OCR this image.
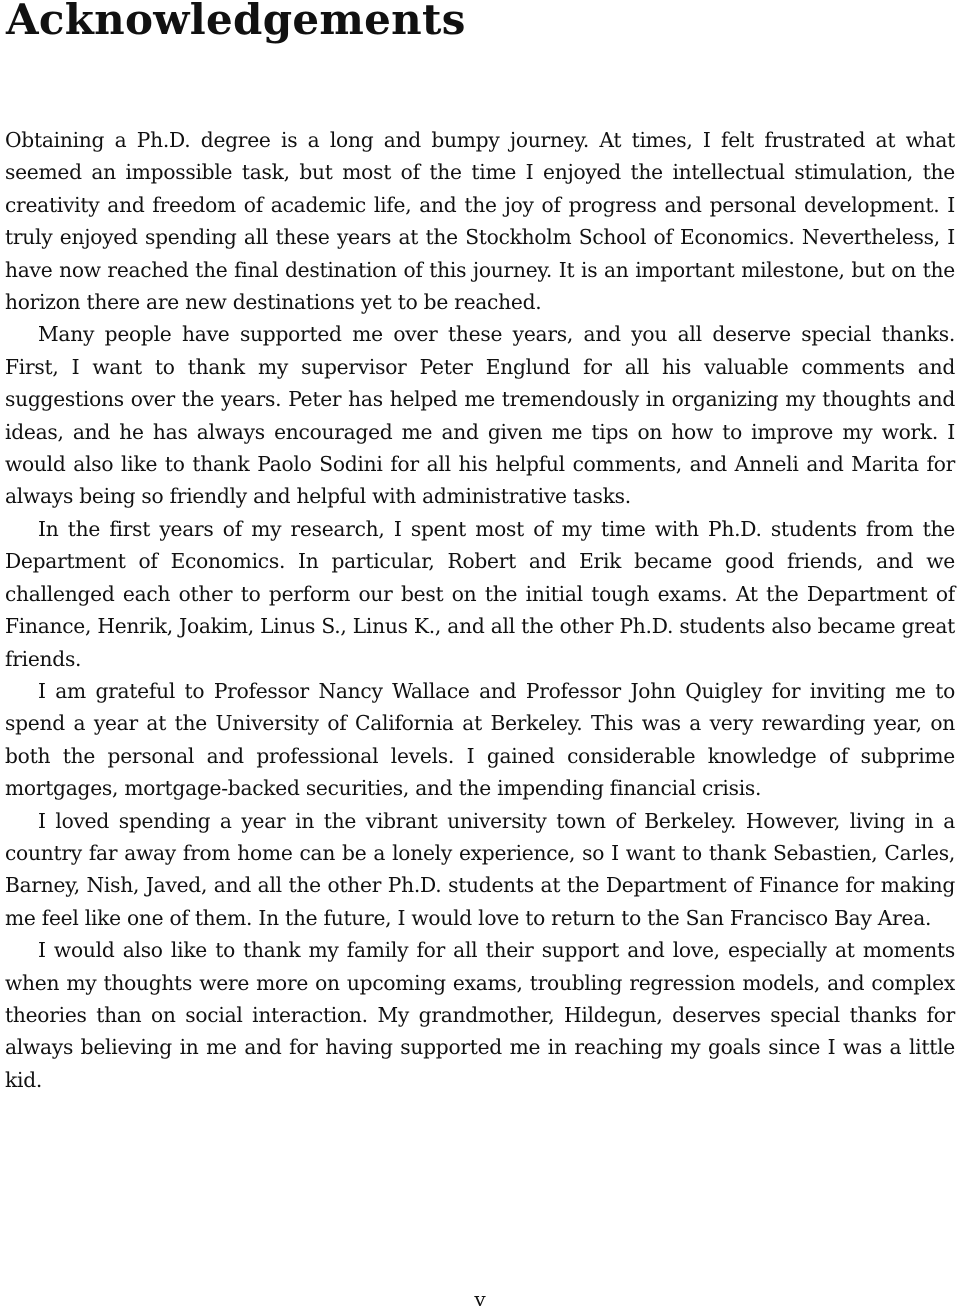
Acknowledgements

Obtaining a Ph.D. degree is a long and bumpy journey. At times, I felt frustrated at what seemed an impossible task, but most of the time I enjoyed the intellectual stimulation, the creativity and freedom of academic life, and the joy of progress and personal development. I truly enjoyed spending all these years at the Stockholm School of Economics. Nevertheless, I have now reached the final destination of this journey. It is an important milestone, but on the horizon there are new destinations yet to be reached.

Many people have supported me over these years, and you all deserve special thanks. First, I want to thank my supervisor Peter Englund for all his valuable comments and suggestions over the years. Peter has helped me tremendously in organizing my thoughts and ideas, and he has always encouraged me and given me tips on how to improve my work. I would also like to thank Paolo Sodini for all his helpful comments, and Anneli and Marita for always being so friendly and helpful with administrative tasks.

In the first years of my research, I spent most of my time with Ph.D. students from the Department of Economics. In particular, Robert and Erik became good friends, and we challenged each other to perform our best on the initial tough exams. At the Department of Finance, Henrik, Joakim, Linus S., Linus K., and all the other Ph.D. students also became great friends.

I am grateful to Professor Nancy Wallace and Professor John Quigley for inviting me to spend a year at the University of California at Berkeley. This was a very rewarding year, on both the personal and professional levels. I gained considerable knowledge of subprime mortgages, mortgage-backed securities, and the impending financial crisis.

I loved spending a year in the vibrant university town of Berkeley. However, living in a country far away from home can be a lonely experience, so I want to thank Sebastien, Carles, Barney, Nish, Javed, and all the other Ph.D. students at the Department of Finance for making me feel like one of them. In the future, I would love to return to the San Francisco Bay Area.

I would also like to thank my family for all their support and love, especially at moments when my thoughts were more on upcoming exams, troubling regression models, and complex theories than on social interaction. My grandmother, Hildegun, deserves special thanks for always believing in me and for having supported me in reaching my goals since I was a little kid.

v
